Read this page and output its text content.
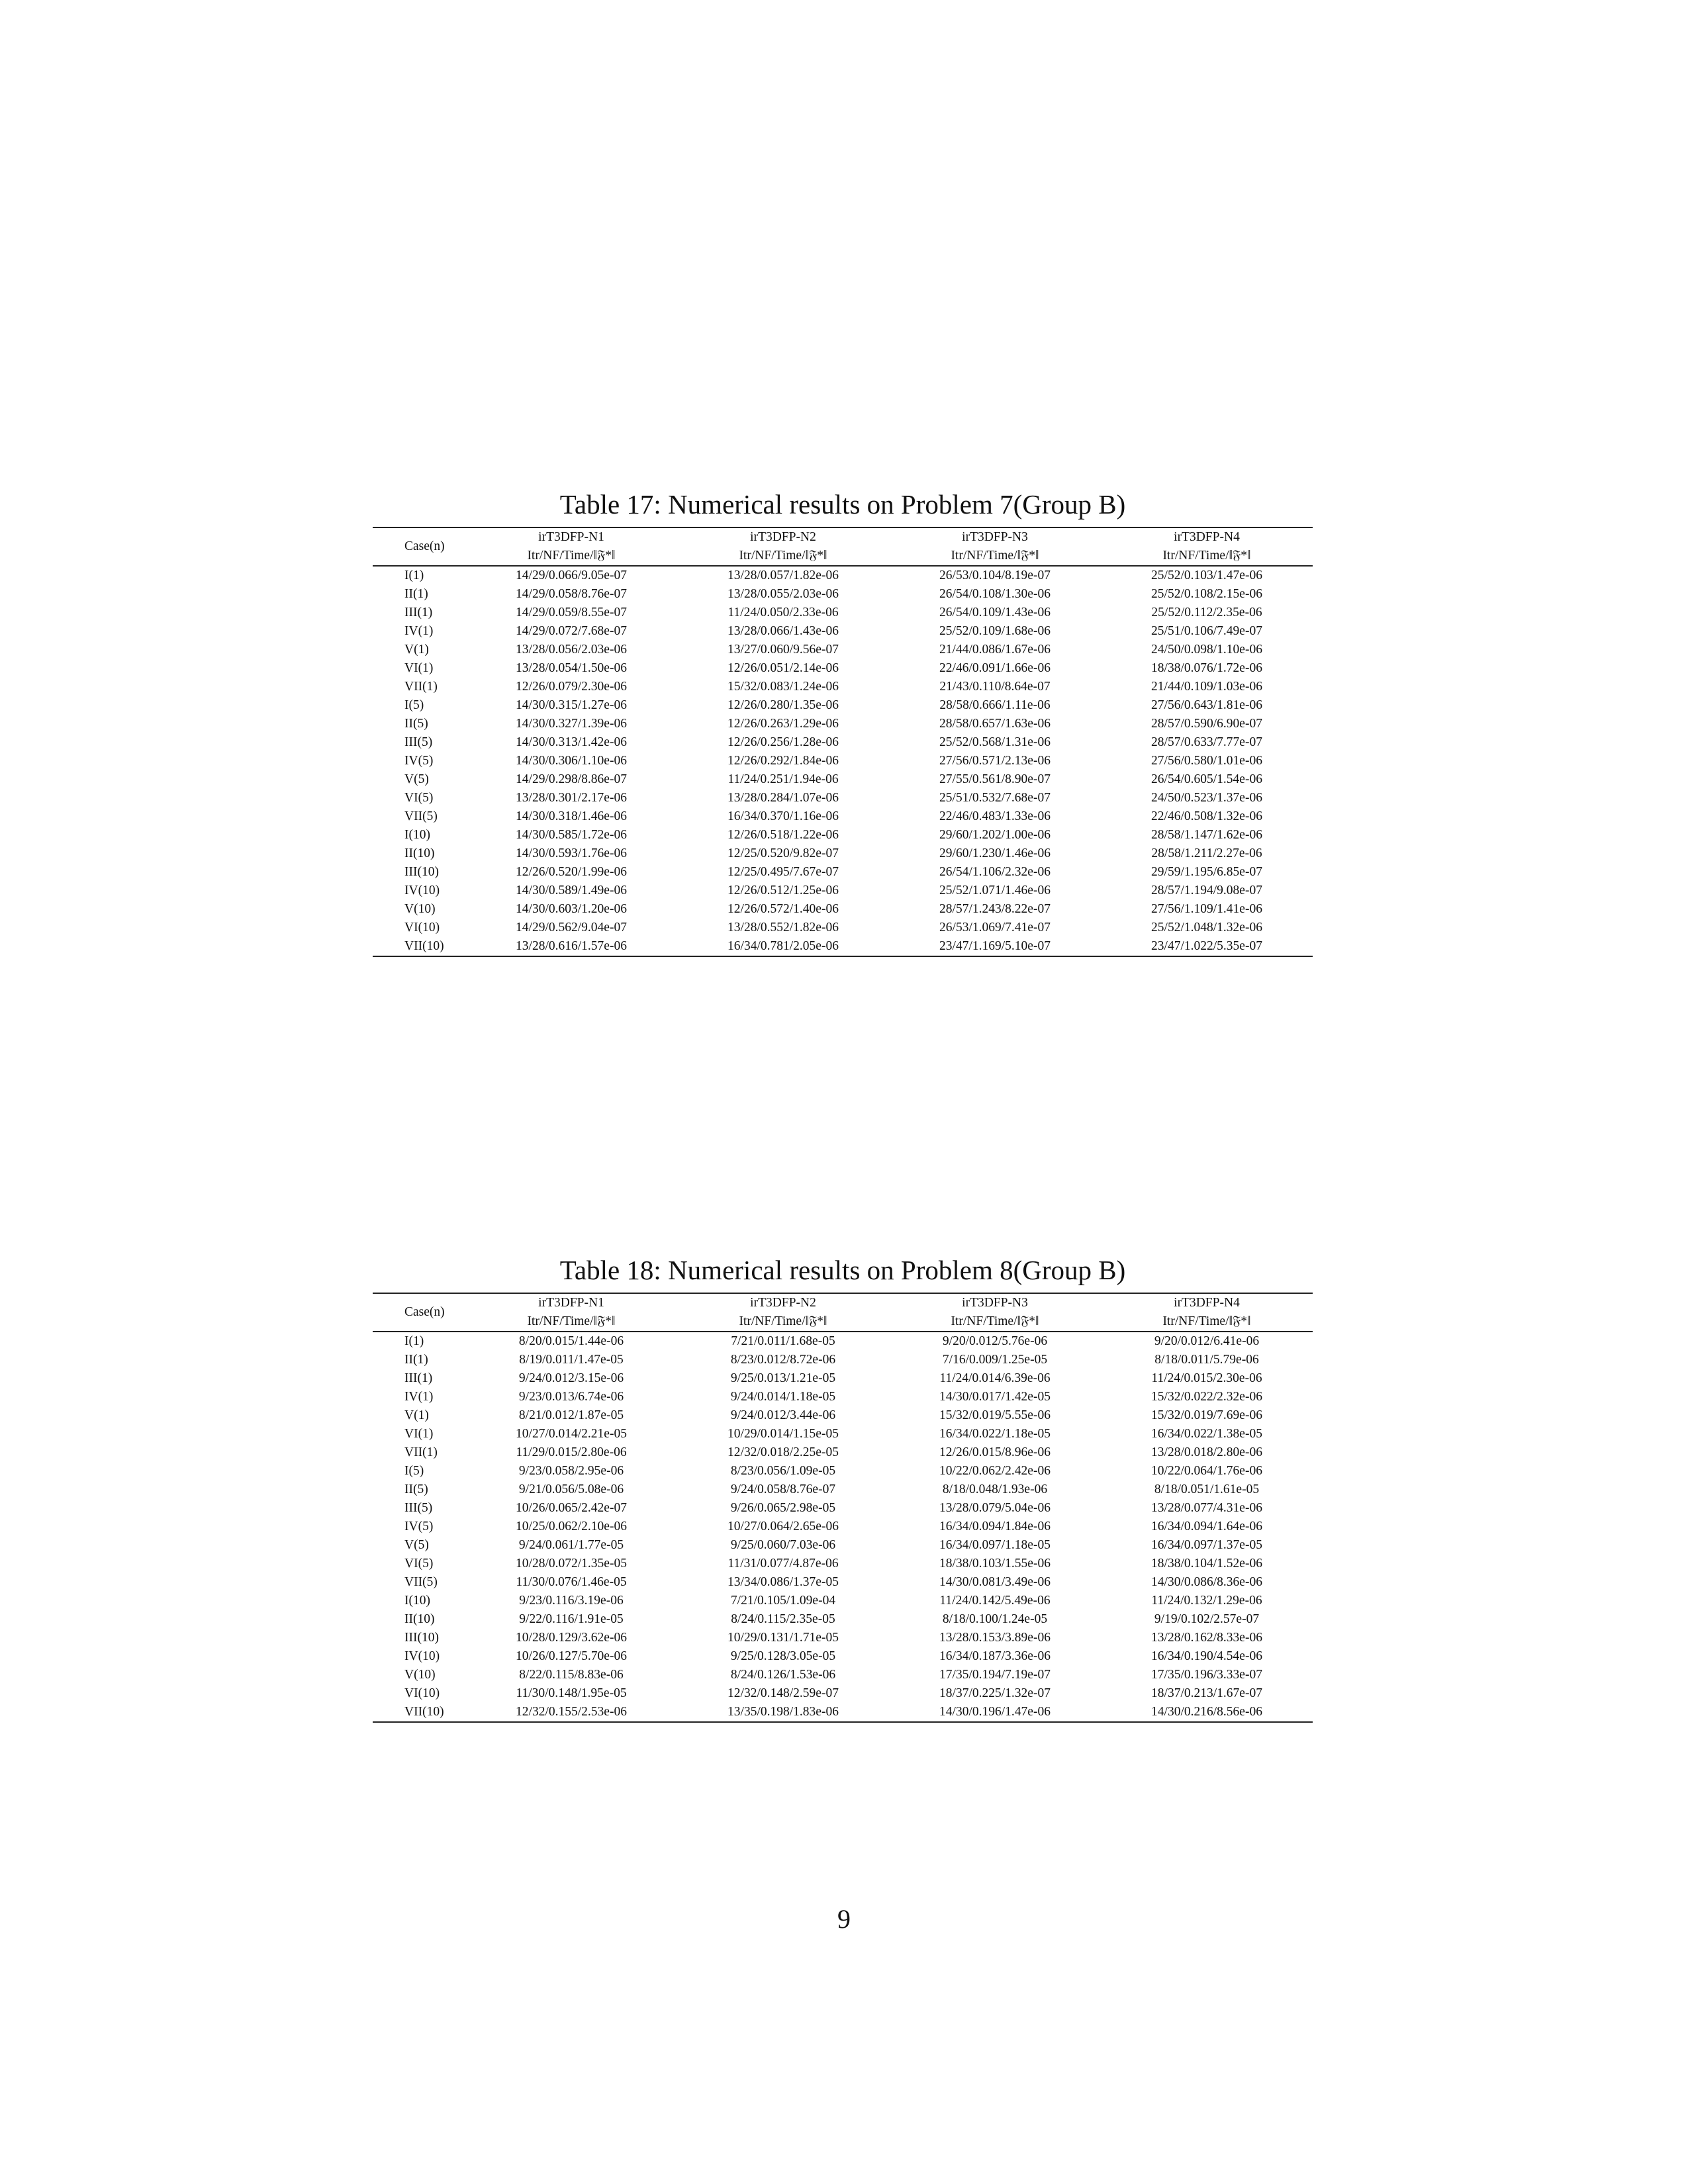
Table 17: Numerical results on Problem 7(Group B)
Case(n)	irT3DFP-N1	irT3DFP-N2	irT3DFP-N3	irT3DFP-N4
	Itr/NF/Time/‖𝔉*‖	Itr/NF/Time/‖𝔉*‖	Itr/NF/Time/‖𝔉*‖	Itr/NF/Time/‖𝔉*‖
I(1)	14/29/0.066/9.05e-07	13/28/0.057/1.82e-06	26/53/0.104/8.19e-07	25/52/0.103/1.47e-06
II(1)	14/29/0.058/8.76e-07	13/28/0.055/2.03e-06	26/54/0.108/1.30e-06	25/52/0.108/2.15e-06
III(1)	14/29/0.059/8.55e-07	11/24/0.050/2.33e-06	26/54/0.109/1.43e-06	25/52/0.112/2.35e-06
IV(1)	14/29/0.072/7.68e-07	13/28/0.066/1.43e-06	25/52/0.109/1.68e-06	25/51/0.106/7.49e-07
V(1)	13/28/0.056/2.03e-06	13/27/0.060/9.56e-07	21/44/0.086/1.67e-06	24/50/0.098/1.10e-06
VI(1)	13/28/0.054/1.50e-06	12/26/0.051/2.14e-06	22/46/0.091/1.66e-06	18/38/0.076/1.72e-06
VII(1)	12/26/0.079/2.30e-06	15/32/0.083/1.24e-06	21/43/0.110/8.64e-07	21/44/0.109/1.03e-06
I(5)	14/30/0.315/1.27e-06	12/26/0.280/1.35e-06	28/58/0.666/1.11e-06	27/56/0.643/1.81e-06
II(5)	14/30/0.327/1.39e-06	12/26/0.263/1.29e-06	28/58/0.657/1.63e-06	28/57/0.590/6.90e-07
III(5)	14/30/0.313/1.42e-06	12/26/0.256/1.28e-06	25/52/0.568/1.31e-06	28/57/0.633/7.77e-07
IV(5)	14/30/0.306/1.10e-06	12/26/0.292/1.84e-06	27/56/0.571/2.13e-06	27/56/0.580/1.01e-06
V(5)	14/29/0.298/8.86e-07	11/24/0.251/1.94e-06	27/55/0.561/8.90e-07	26/54/0.605/1.54e-06
VI(5)	13/28/0.301/2.17e-06	13/28/0.284/1.07e-06	25/51/0.532/7.68e-07	24/50/0.523/1.37e-06
VII(5)	14/30/0.318/1.46e-06	16/34/0.370/1.16e-06	22/46/0.483/1.33e-06	22/46/0.508/1.32e-06
I(10)	14/30/0.585/1.72e-06	12/26/0.518/1.22e-06	29/60/1.202/1.00e-06	28/58/1.147/1.62e-06
II(10)	14/30/0.593/1.76e-06	12/25/0.520/9.82e-07	29/60/1.230/1.46e-06	28/58/1.211/2.27e-06
III(10)	12/26/0.520/1.99e-06	12/25/0.495/7.67e-07	26/54/1.106/2.32e-06	29/59/1.195/6.85e-07
IV(10)	14/30/0.589/1.49e-06	12/26/0.512/1.25e-06	25/52/1.071/1.46e-06	28/57/1.194/9.08e-07
V(10)	14/30/0.603/1.20e-06	12/26/0.572/1.40e-06	28/57/1.243/8.22e-07	27/56/1.109/1.41e-06
VI(10)	14/29/0.562/9.04e-07	13/28/0.552/1.82e-06	26/53/1.069/7.41e-07	25/52/1.048/1.32e-06
VII(10)	13/28/0.616/1.57e-06	16/34/0.781/2.05e-06	23/47/1.169/5.10e-07	23/47/1.022/5.35e-07
Table 18: Numerical results on Problem 8(Group B)
Case(n)	irT3DFP-N1	irT3DFP-N2	irT3DFP-N3	irT3DFP-N4
	Itr/NF/Time/‖𝔉*‖	Itr/NF/Time/‖𝔉*‖	Itr/NF/Time/‖𝔉*‖	Itr/NF/Time/‖𝔉*‖
I(1)	8/20/0.015/1.44e-06	7/21/0.011/1.68e-05	9/20/0.012/5.76e-06	9/20/0.012/6.41e-06
II(1)	8/19/0.011/1.47e-05	8/23/0.012/8.72e-06	7/16/0.009/1.25e-05	8/18/0.011/5.79e-06
III(1)	9/24/0.012/3.15e-06	9/25/0.013/1.21e-05	11/24/0.014/6.39e-06	11/24/0.015/2.30e-06
IV(1)	9/23/0.013/6.74e-06	9/24/0.014/1.18e-05	14/30/0.017/1.42e-05	15/32/0.022/2.32e-06
V(1)	8/21/0.012/1.87e-05	9/24/0.012/3.44e-06	15/32/0.019/5.55e-06	15/32/0.019/7.69e-06
VI(1)	10/27/0.014/2.21e-05	10/29/0.014/1.15e-05	16/34/0.022/1.18e-05	16/34/0.022/1.38e-05
VII(1)	11/29/0.015/2.80e-06	12/32/0.018/2.25e-05	12/26/0.015/8.96e-06	13/28/0.018/2.80e-06
I(5)	9/23/0.058/2.95e-06	8/23/0.056/1.09e-05	10/22/0.062/2.42e-06	10/22/0.064/1.76e-06
II(5)	9/21/0.056/5.08e-06	9/24/0.058/8.76e-07	8/18/0.048/1.93e-06	8/18/0.051/1.61e-05
III(5)	10/26/0.065/2.42e-07	9/26/0.065/2.98e-05	13/28/0.079/5.04e-06	13/28/0.077/4.31e-06
IV(5)	10/25/0.062/2.10e-06	10/27/0.064/2.65e-06	16/34/0.094/1.84e-06	16/34/0.094/1.64e-06
V(5)	9/24/0.061/1.77e-05	9/25/0.060/7.03e-06	16/34/0.097/1.18e-05	16/34/0.097/1.37e-05
VI(5)	10/28/0.072/1.35e-05	11/31/0.077/4.87e-06	18/38/0.103/1.55e-06	18/38/0.104/1.52e-06
VII(5)	11/30/0.076/1.46e-05	13/34/0.086/1.37e-05	14/30/0.081/3.49e-06	14/30/0.086/8.36e-06
I(10)	9/23/0.116/3.19e-06	7/21/0.105/1.09e-04	11/24/0.142/5.49e-06	11/24/0.132/1.29e-06
II(10)	9/22/0.116/1.91e-05	8/24/0.115/2.35e-05	8/18/0.100/1.24e-05	9/19/0.102/2.57e-07
III(10)	10/28/0.129/3.62e-06	10/29/0.131/1.71e-05	13/28/0.153/3.89e-06	13/28/0.162/8.33e-06
IV(10)	10/26/0.127/5.70e-06	9/25/0.128/3.05e-05	16/34/0.187/3.36e-06	16/34/0.190/4.54e-06
V(10)	8/22/0.115/8.83e-06	8/24/0.126/1.53e-06	17/35/0.194/7.19e-07	17/35/0.196/3.33e-07
VI(10)	11/30/0.148/1.95e-05	12/32/0.148/2.59e-07	18/37/0.225/1.32e-07	18/37/0.213/1.67e-07
VII(10)	12/32/0.155/2.53e-06	13/35/0.198/1.83e-06	14/30/0.196/1.47e-06	14/30/0.216/8.56e-06
9
